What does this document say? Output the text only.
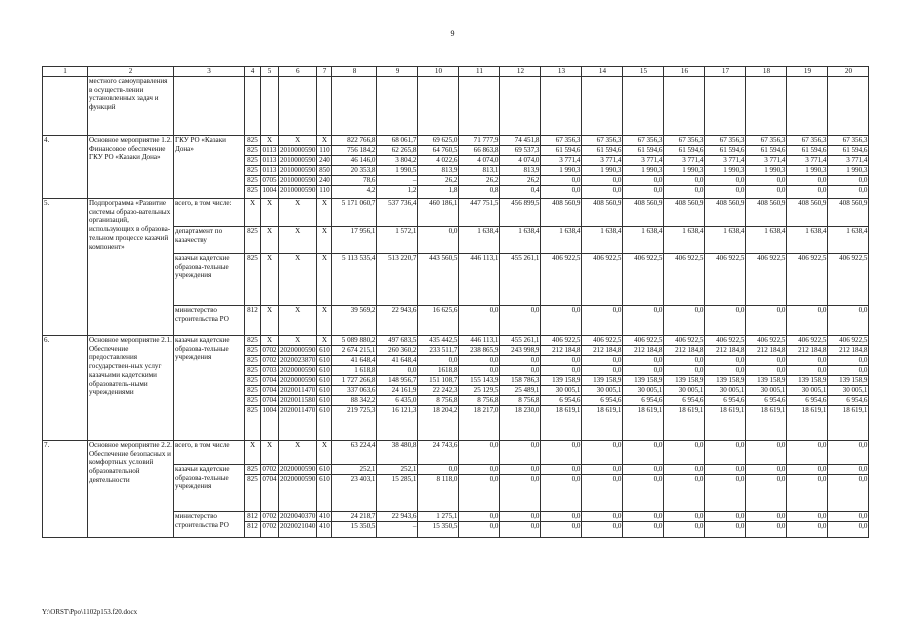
9
1	2	3	4	5	6	7	8	9	10	11	12	13	14	15	16	17	18	19	20
	местного самоуправления в осуществ-лении установленных задач и функций																		
4.	Основное мероприятие 1.2. Финансовое обеспечение ГКУ РО «Казаки Дона»	ГКУ РО «Казаки Дона»	825	X	X	X	822 766,8	68 061,7	69 625,0	71 777,9	74 451,8	67 356,3	67 356,3	67 356,3	67 356,3	67 356,3	67 356,3	67 356,3	67 356,3
			825	0113	2010000590	110	756 184,2	62 265,8	64 760,5	66 863,8	69 537,3	61 594,6	61 594,6	61 594,6	61 594,6	61 594,6	61 594,6	61 594,6	61 594,6
			825	0113	2010000590	240	46 146,0	3 804,2	4 022,6	4 074,0	4 074,0	3 771,4	3 771,4	3 771,4	3 771,4	3 771,4	3 771,4	3 771,4	3 771,4
			825	0113	2010000590	850	20 353,8	1 990,5	813,9	813,1	813,9	1 990,3	1 990,3	1 990,3	1 990,3	1 990,3	1 990,3	1 990,3	1 990,3
			825	0705	2010000590	240	78,6	–	26,2	26,2	26,2	0,0	0,0	0,0	0,0	0,0	0,0	0,0	0,0
			825	1004	2010000590	110	4,2	1,2	1,8	0,8	0,4	0,0	0,0	0,0	0,0	0,0	0,0	0,0	0,0
5.	Подпрограмма «Развитие системы образо-вательных организаций, использующих в образова-тельном процессе казачий компонент»	всего, в том числе:	X	X	X	X	5 171 060,7	537 736,4	460 186,1	447 751,5	456 899,5	408 560,9	408 560,9	408 560,9	408 560,9	408 560,9	408 560,9	408 560,9	408 560,9
		департамент по казачеству	825	X	X	X	17 956,1	1 572,1	0,0	1 638,4	1 638,4	1 638,4	1 638,4	1 638,4	1 638,4	1 638,4	1 638,4	1 638,4	1 638,4
		казачьи кадетские образова-тельные учреждения	825	X	X	X	5 113 535,4	513 220,7	443 560,5	446 113,1	455 261,1	406 922,5	406 922,5	406 922,5	406 922,5	406 922,5	406 922,5	406 922,5	406 922,5
		министерство строительства РО	812	X	X	X	39 569,2	22 943,6	16 625,6	0,0	0,0	0,0	0,0	0,0	0,0	0,0	0,0	0,0	0,0
6.	Основное мероприятие 2.1. Обеспечение предоставления государствен-ных услуг казачьими кадетскими образователь-ными учреждениями	казачьи кадетские образова-тельные учреждения	825	X	X	X	5 089 880,2	497 683,5	435 442,5	446 113,1	455 261,1	406 922,5	406 922,5	406 922,5	406 922,5	406 922,5	406 922,5	406 922,5	406 922,5
			825	0702	2020000590	610	2 674 215,1	260 360,2	233 511,7	238 865,9	243 998,9	212 184,8	212 184,8	212 184,8	212 184,8	212 184,8	212 184,8	212 184,8	212 184,8
			825	0702	2020023870	610	41 648,4	41 648,4	0,0	0,0	0,0	0,0	0,0	0,0	0,0	0,0	0,0	0,0	0,0
			825	0703	2020000590	610	1 618,8	0,0	1618,8	0,0	0,0	0,0	0,0	0,0	0,0	0,0	0,0	0,0	0,0
			825	0704	2020000590	610	1 727 266,8	148 956,7	151 108,7	155 143,9	158 786,3	139 158,9	139 158,9	139 158,9	139 158,9	139 158,9	139 158,9	139 158,9	139 158,9
			825	0704	2020011470	610	337 063,6	24 161,9	22 242,3	25 129,5	25 489,1	30 005,1	30 005,1	30 005,1	30 005,1	30 005,1	30 005,1	30 005,1	30 005,1
			825	0704	2020011580	610	88 342,2	6 435,0	8 756,8	8 756,8	8 756,8	6 954,6	6 954,6	6 954,6	6 954,6	6 954,6	6 954,6	6 954,6	6 954,6
			825	1004	2020011470	610	219 725,3	16 121,3	18 204,2	18 217,0	18 230,0	18 619,1	18 619,1	18 619,1	18 619,1	18 619,1	18 619,1	18 619,1	18 619,1
7.	Основное мероприятие 2.2. Обеспечение безопасных и комфортных условий образовательной деятельности	всего, в том числе	X	X	X	X	63 224,4	38 480,8	24 743,6	0,0	0,0	0,0	0,0	0,0	0,0	0,0	0,0	0,0	0,0
		казачьи кадетские образова-тельные учреждения	825	0702	2020000590	610	252,1	252,1	0,0	0,0	0,0	0,0	0,0	0,0	0,0	0,0	0,0	0,0	0,0
			825	0704	2020000590	610	23 403,1	15 285,1	8 118,0	0,0	0,0	0,0	0,0	0,0	0,0	0,0	0,0	0,0	0,0
		министерство строительства РО	812	0702	2020040370	410	24 218,7	22 943,6	1 275,1	0,0	0,0	0,0	0,0	0,0	0,0	0,0	0,0	0,0	0,0
			812	0702	2020021040	410	15 350,5	–	15 350,5	0,0	0,0	0,0	0,0	0,0	0,0	0,0	0,0	0,0	0,0
Y:\ORST\Ppo\1102p153.f20.docx
